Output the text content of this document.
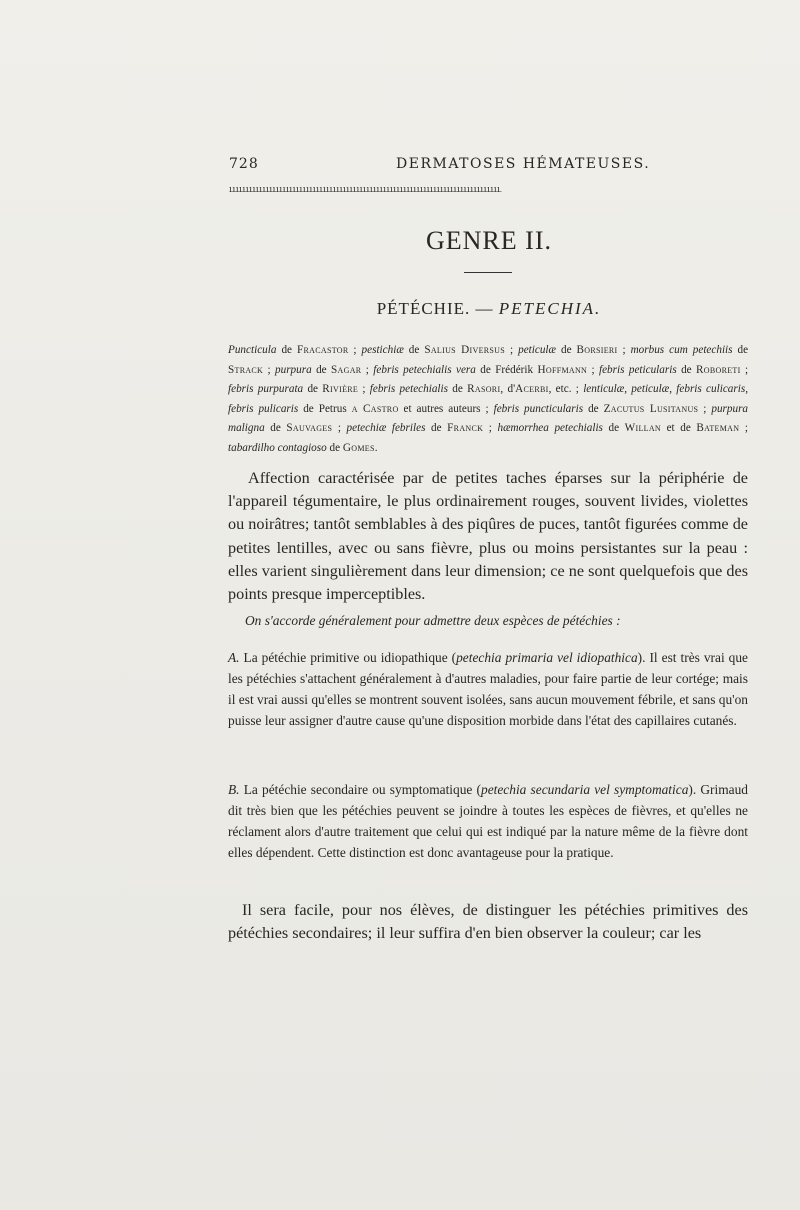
728	DERMATOSES HÉMATEUSES.
ւււււււււււււււււււււււււււււււււււււււււււււււււււււււււււււււււււււււււււււււււ
GENRE II.
PÉTÉCHIE. — PETECHIA.
Puncticula de Fracastor ; pestichiæ de Salius Diversus ; peticulæ de Borsieri ; morbus cum petechiis de Strack ; purpura de Sagar ; febris petechialis vera de Frédérik Hoffmann ; febris peticularis de Roboreti ; febris purpurata de Rivière ; febris petechialis de Rasori, d'Acerbi, etc. ; lenticulæ, peticulæ, febris culicaris, febris pulicaris de Petrus a Castro et autres auteurs ; febris puncticularis de Zacutus Lusitanus ; purpura maligna de Sauvages ; petechiæ febriles de Franck ; hæmorrhea petechialis de Willan et de Bateman ; tabardilho contagioso de Gomes.
Affection caractérisée par de petites taches éparses sur la périphérie de l'appareil tégumentaire, le plus ordinairement rouges, souvent livides, violettes ou noirâtres; tantôt semblables à des piqûres de puces, tantôt figurées comme de petites lentilles, avec ou sans fièvre, plus ou moins persistantes sur la peau : elles varient singulièrement dans leur dimension; ce ne sont quelquefois que des points presque imperceptibles.
On s'accorde généralement pour admettre deux espèces de pétéchies :
A. La pétéchie primitive ou idiopathique (petechia primaria vel idiopathica). Il est très vrai que les pétéchies s'attachent généralement à d'autres maladies, pour faire partie de leur cortége; mais il est vrai aussi qu'elles se montrent souvent isolées, sans aucun mouvement fébrile, et sans qu'on puisse leur assigner d'autre cause qu'une disposition morbide dans l'état des capillaires cutanés.
B. La pétéchie secondaire ou symptomatique (petechia secundaria vel symptomatica). Grimaud dit très bien que les pétéchies peuvent se joindre à toutes les espèces de fièvres, et qu'elles ne réclament alors d'autre traitement que celui qui est indiqué par la nature même de la fièvre dont elles dépendent. Cette distinction est donc avantageuse pour la pratique.
Il sera facile, pour nos élèves, de distinguer les pétéchies primitives des pétéchies secondaires; il leur suffira d'en bien observer la couleur; car les
